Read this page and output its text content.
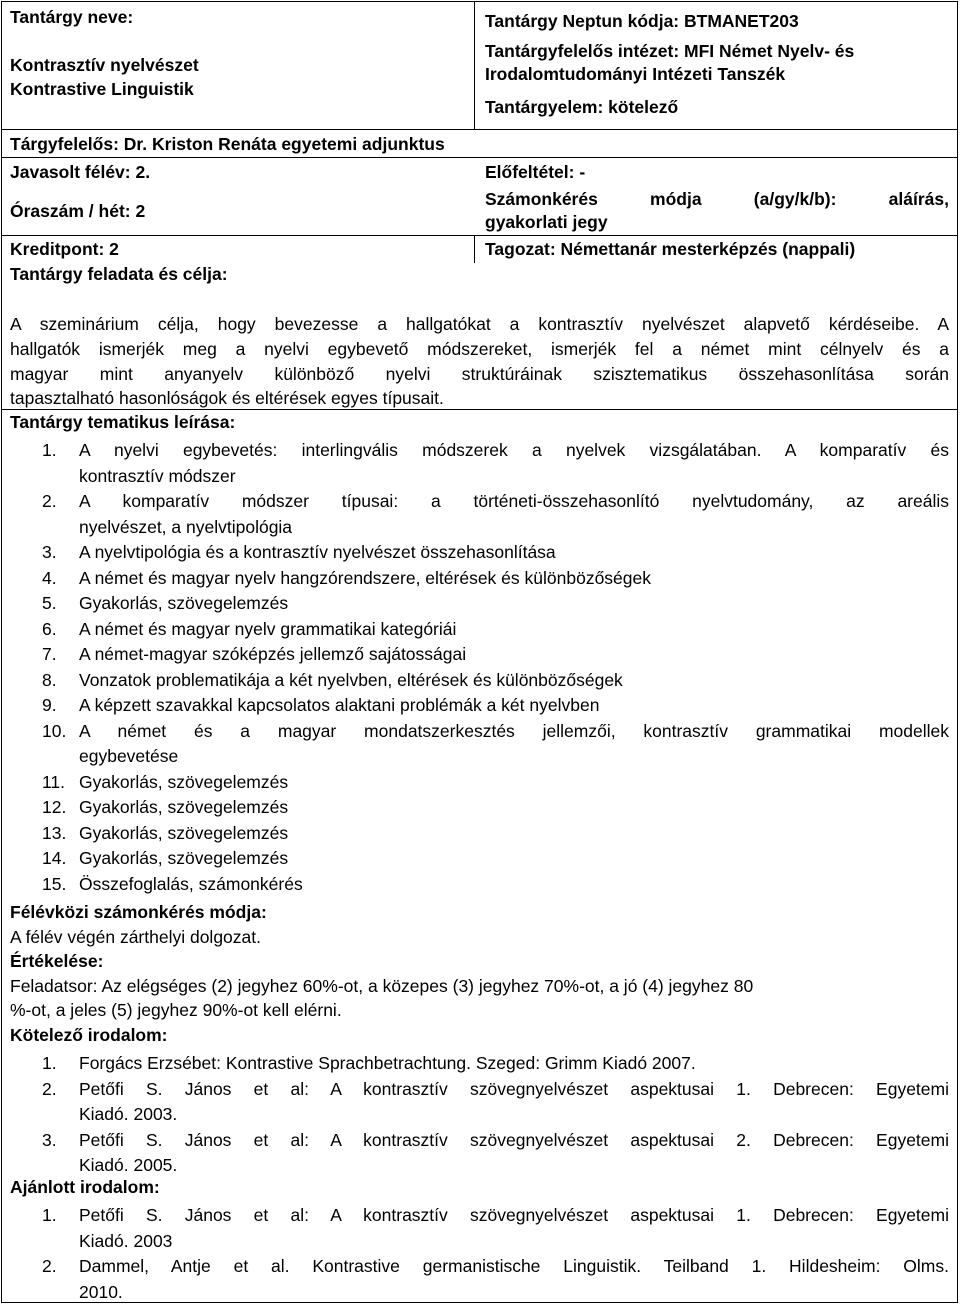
Tantárgy neve:
Kontrasztív nyelvészet
Kontrastive Linguistik
Tantárgy Neptun kódja: BTMANET203
Tantárgyfelelős intézet: MFI Német Nyelv- és
Irodalomtudományi Intézeti Tanszék
Tantárgyelem: kötelező
Tárgyfelelős: Dr. Kriston Renáta egyetemi adjunktus
Javasolt félév: 2.	Előfeltétel: -
Óraszám / hét: 2
Számonkérés módja (a/gy/k/b): aláírás,
gyakorlati jegy
Kreditpont: 2	Tagozat: Némettanár mesterképzés (nappali)
Tantárgy feladata és célja:
A szeminárium célja, hogy bevezesse a hallgatókat a kontrasztív nyelvészet alapvető kérdéseibe. A
hallgatók ismerjék meg a nyelvi egybevető módszereket, ismerjék fel a német mint célnyelv és a
magyar mint anyanyelv különböző nyelvi struktúráinak szisztematikus összehasonlítása során
tapasztalható hasonlóságok és eltérések egyes típusait.
Tantárgy tematikus leírása:
1. A nyelvi egybevetés: interlingvális módszerek a nyelvek vizsgálatában. A komparatív és
kontrasztív módszer
2. A komparatív módszer típusai: a történeti-összehasonlító nyelvtudomány, az areális
nyelvészet, a nyelvtipológia
3. A nyelvtipológia és a kontrasztív nyelvészet összehasonlítása
4. A német és magyar nyelv hangzórendszere, eltérések és különbözőségek
5. Gyakorlás, szövegelemzés
6. A német és magyar nyelv grammatikai kategóriái
7. A német-magyar szóképzés jellemző sajátosságai
8. Vonzatok problematikája a két nyelvben, eltérések és különbözőségek
9. A képzett szavakkal kapcsolatos alaktani problémák a két nyelvben
10. A német és a magyar mondatszerkesztés jellemzői, kontrasztív grammatikai modellek
egybevetése
11. Gyakorlás, szövegelemzés
12. Gyakorlás, szövegelemzés
13. Gyakorlás, szövegelemzés
14. Gyakorlás, szövegelemzés
15. Összefoglalás, számonkérés
Félévközi számonkérés módja:
A félév végén zárthelyi dolgozat.
Értékelése:
Feladatsor: Az elégséges (2) jegyhez 60%-ot, a közepes (3) jegyhez 70%-ot, a jó (4) jegyhez 80
%-ot, a jeles (5) jegyhez 90%-ot kell elérni.
Kötelező irodalom:
1. Forgács Erzsébet: Kontrastive Sprachbetrachtung. Szeged: Grimm Kiadó 2007.
2. Petőfi S. János et al: A kontrasztív szövegnyelvészet aspektusai 1. Debrecen: Egyetemi
Kiadó. 2003.
3. Petőfi S. János et al: A kontrasztív szövegnyelvészet aspektusai 2. Debrecen: Egyetemi
Kiadó. 2005.
Ajánlott irodalom:
1. Petőfi S. János et al: A kontrasztív szövegnyelvészet aspektusai 1. Debrecen: Egyetemi
Kiadó. 2003
2. Dammel, Antje et al. Kontrastive germanistische Linguistik. Teilband 1. Hildesheim: Olms.
2010.
